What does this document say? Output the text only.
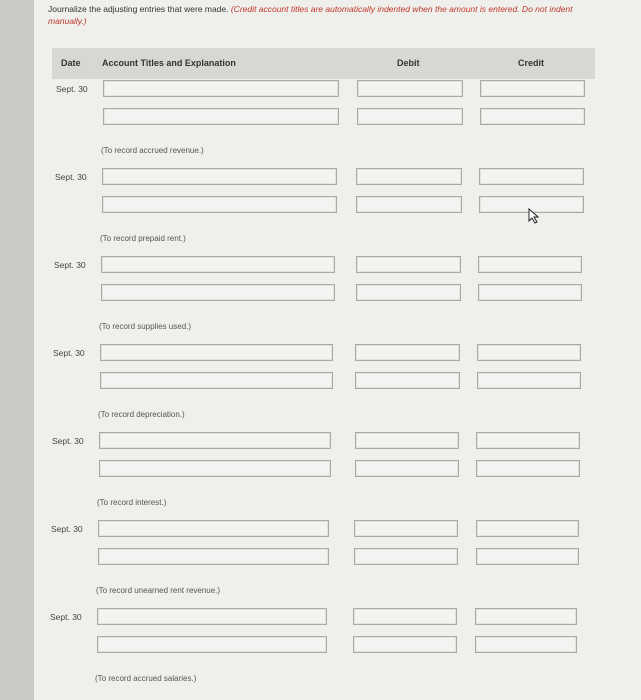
Journalize the adjusting entries that were made. (Credit account titles are automatically indented when the amount is entered. Do not indent manually.)
Date Account Titles and Explanation	Debit	Credit
Sept. 30
(To record accrued revenue.)
Sept. 30
(To record prepaid rent.)
Sept. 30
(To record supplies used.)
Sept. 30
(To record depreciation.)
Sept. 30
(To record interest.)
Sept. 30
(To record unearned rent revenue.)
Sept. 30
(To record accrued salaries.)
